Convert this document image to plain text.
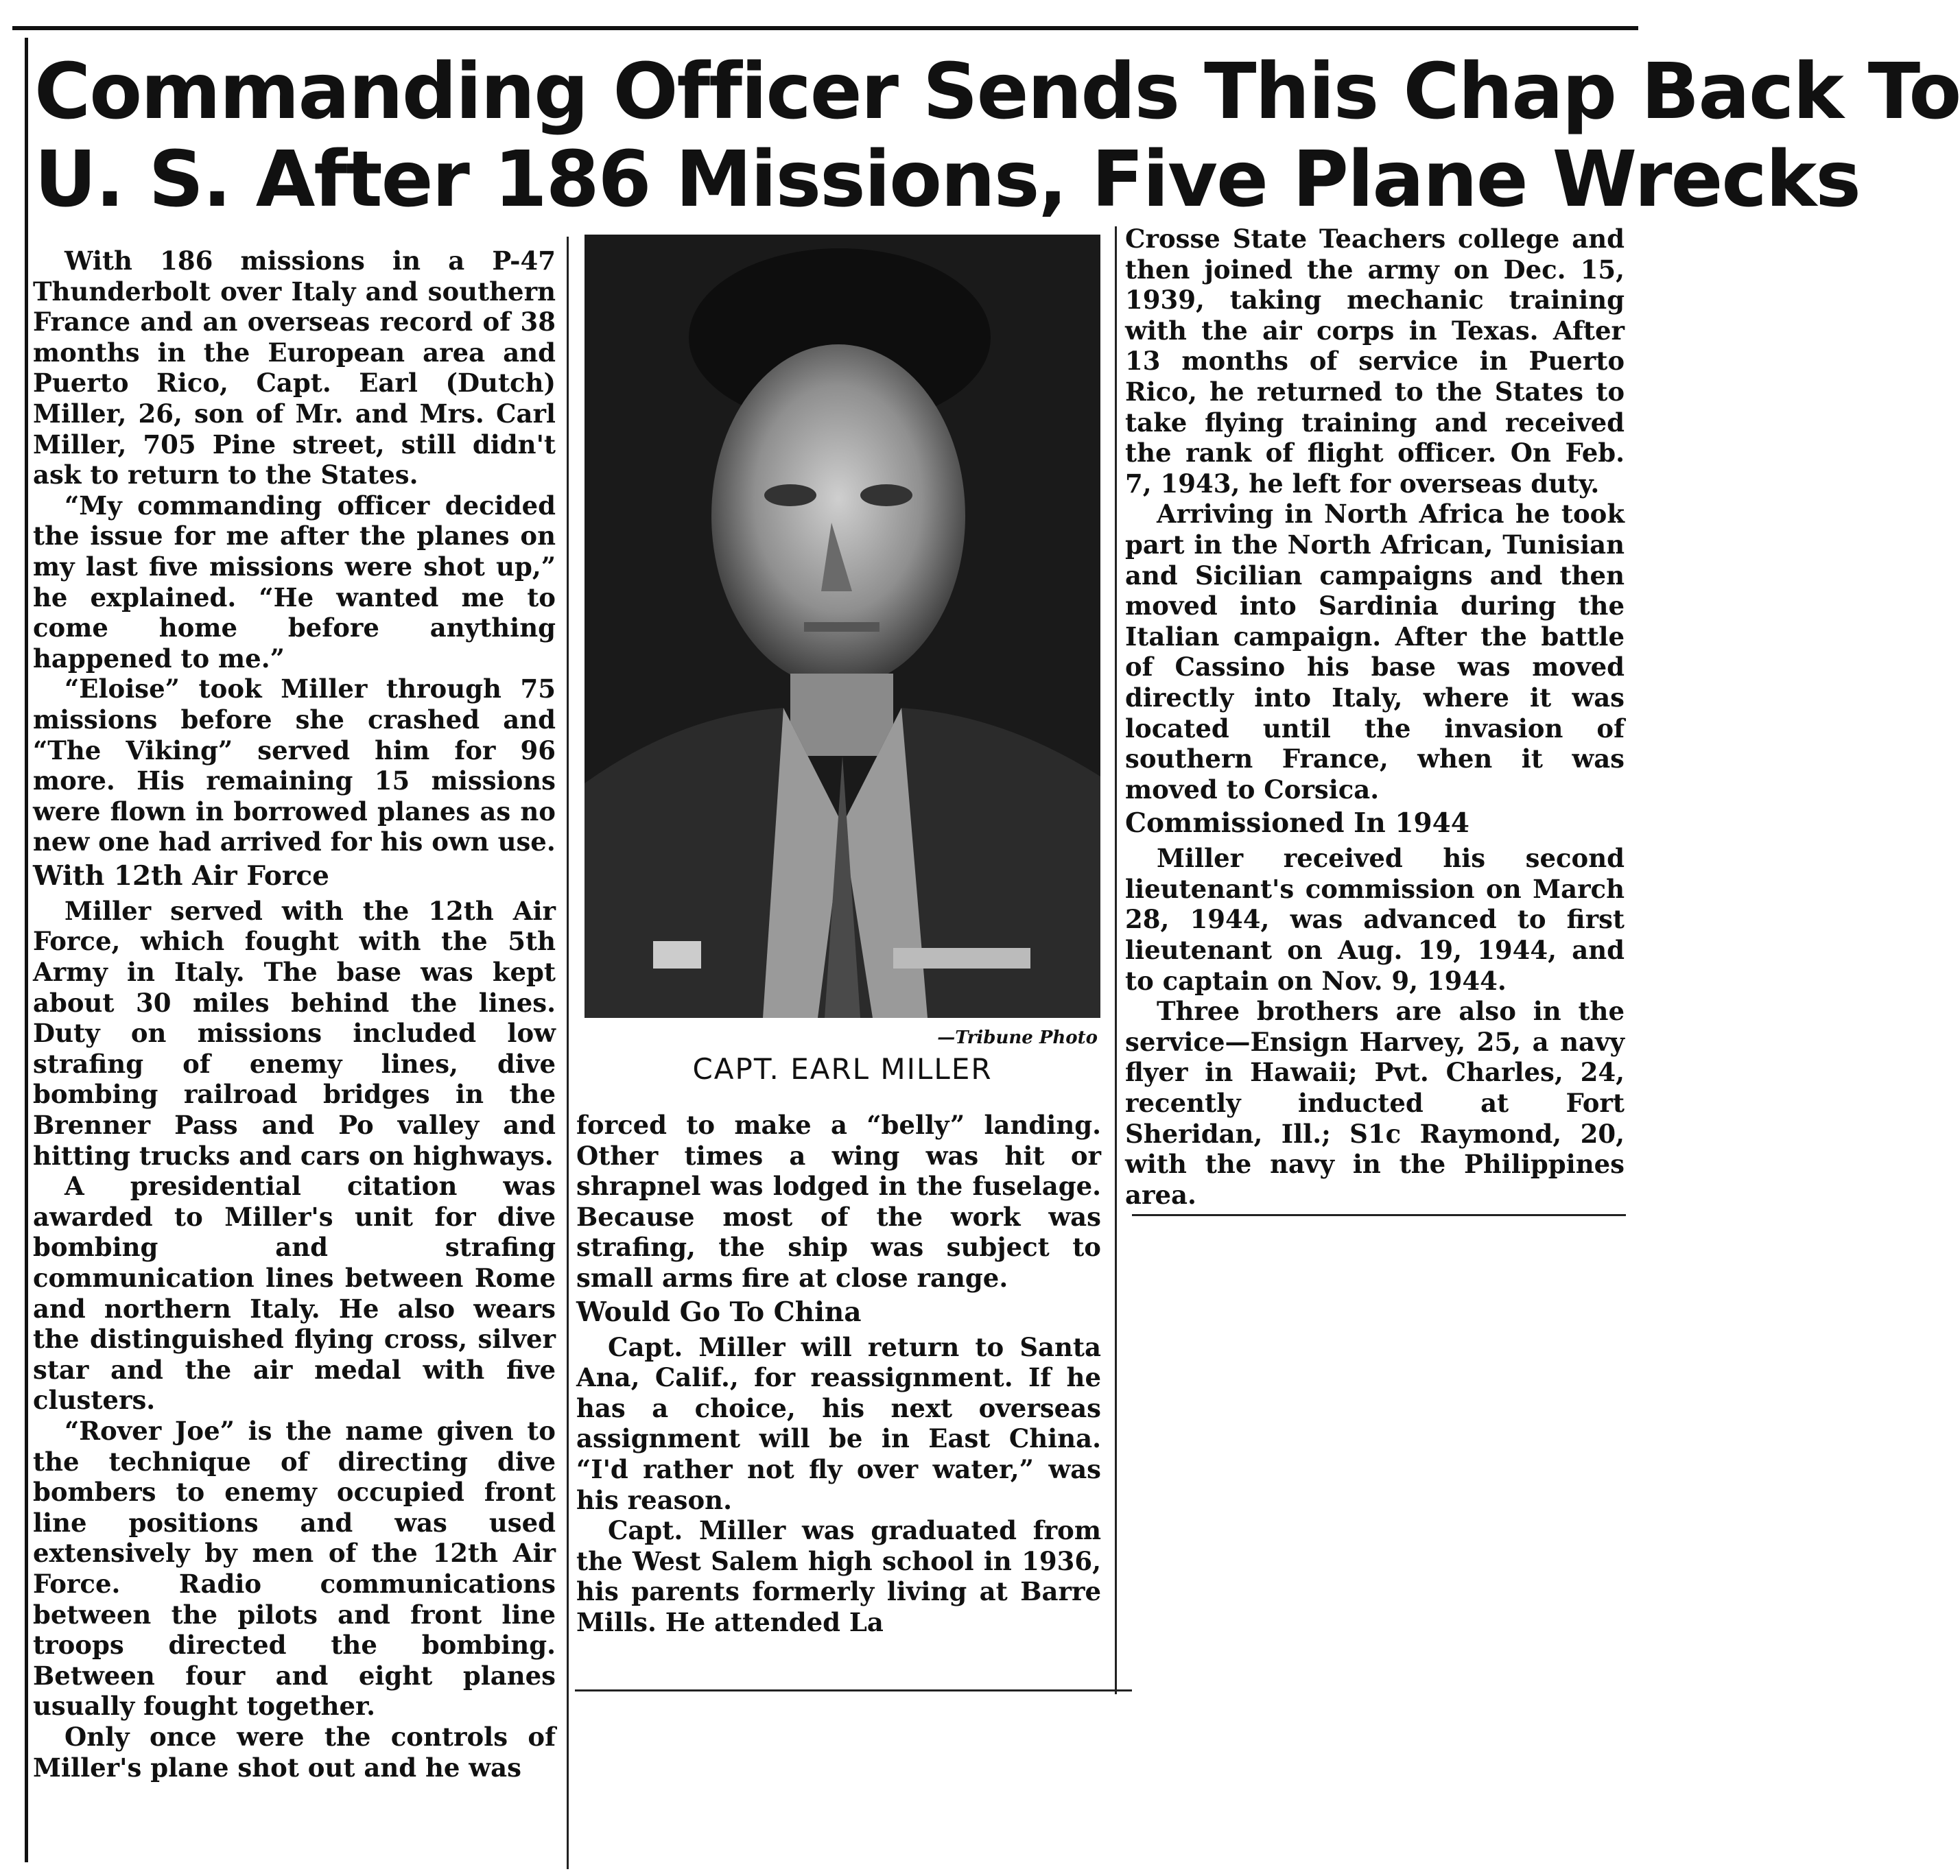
Commanding Officer Sends This Chap Back To
U. S. After 186 Missions, Five Plane Wrecks

With 186 missions in a P-47 Thunderbolt over Italy and southern France and an overseas record of 38 months in the European area and Puerto Rico, Capt. Earl (Dutch) Miller, 26, son of Mr. and Mrs. Carl Miller, 705 Pine street, still didn't ask to return to the States.

“My commanding officer decided the issue for me after the planes on my last five missions were shot up,” he explained. “He wanted me to come home before anything happened to me.”

“Eloise” took Miller through 75 missions before she crashed and “The Viking” served him for 96 more. His remaining 15 missions were flown in borrowed planes as no new one had arrived for his own use.

With 12th Air Force

Miller served with the 12th Air Force, which fought with the 5th Army in Italy. The base was kept about 30 miles behind the lines. Duty on missions included low strafing of enemy lines, dive bombing railroad bridges in the Brenner Pass and Po valley and hitting trucks and cars on highways.

A presidential citation was awarded to Miller's unit for dive bombing and strafing communication lines between Rome and northern Italy. He also wears the distinguished flying cross, silver star and the air medal with five clusters.

“Rover Joe” is the name given to the technique of directing dive bombers to enemy occupied front line positions and was used extensively by men of the 12th Air Force. Radio communications between the pilots and front line troops directed the bombing. Between four and eight planes usually fought together.

Only once were the controls of Miller's plane shot out and he was

—Tribune Photo
CAPT. EARL MILLER

forced to make a “belly” landing. Other times a wing was hit or shrapnel was lodged in the fuselage. Because most of the work was strafing, the ship was subject to small arms fire at close range.

Would Go To China

Capt. Miller will return to Santa Ana, Calif., for reassignment. If he has a choice, his next overseas assignment will be in East China. “I'd rather not fly over water,” was his reason.

Capt. Miller was graduated from the West Salem high school in 1936, his parents formerly living at Barre Mills. He attended La

Crosse State Teachers college and then joined the army on Dec. 15, 1939, taking mechanic training with the air corps in Texas. After 13 months of service in Puerto Rico, he returned to the States to take flying training and received the rank of flight officer. On Feb. 7, 1943, he left for overseas duty.

Arriving in North Africa he took part in the North African, Tunisian and Sicilian campaigns and then moved into Sardinia during the Italian campaign. After the battle of Cassino his base was moved directly into Italy, where it was located until the invasion of southern France, when it was moved to Corsica.

Commissioned In 1944

Miller received his second lieutenant's commission on March 28, 1944, was advanced to first lieutenant on Aug. 19, 1944, and to captain on Nov. 9, 1944.

Three brothers are also in the service—Ensign Harvey, 25, a navy flyer in Hawaii; Pvt. Charles, 24, recently inducted at Fort Sheridan, Ill.; S1c Raymond, 20, with the navy in the Philippines area.
